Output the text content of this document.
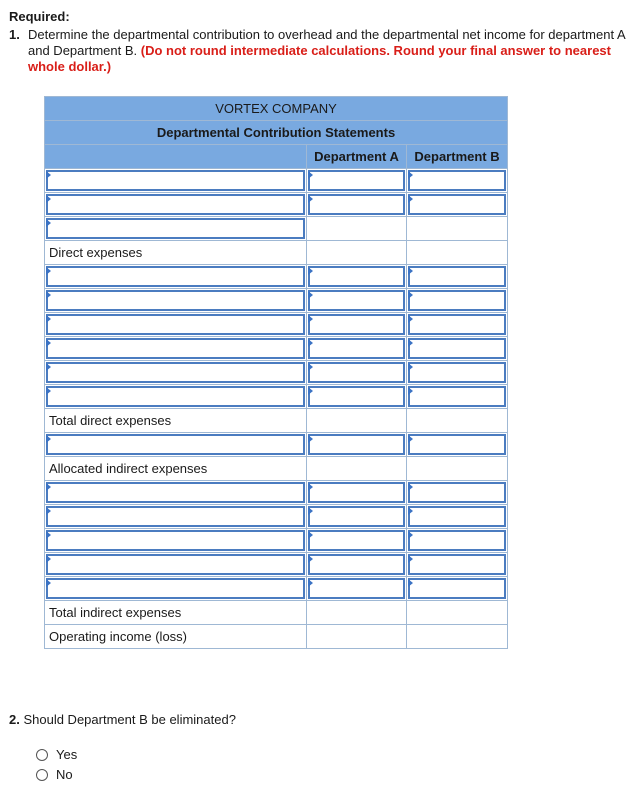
Required:
1. Determine the departmental contribution to overhead and the departmental net income for department A and Department B. (Do not round intermediate calculations. Round your final answer to nearest whole dollar.)
VORTEX COMPANY		
Departmental Contribution Statements		
	Department A	Department B

Direct expenses		

Total direct expenses		

Allocated indirect expenses		

Total indirect expenses		
Operating income (loss)		
2. Should Department B be eliminated?
Yes
No
